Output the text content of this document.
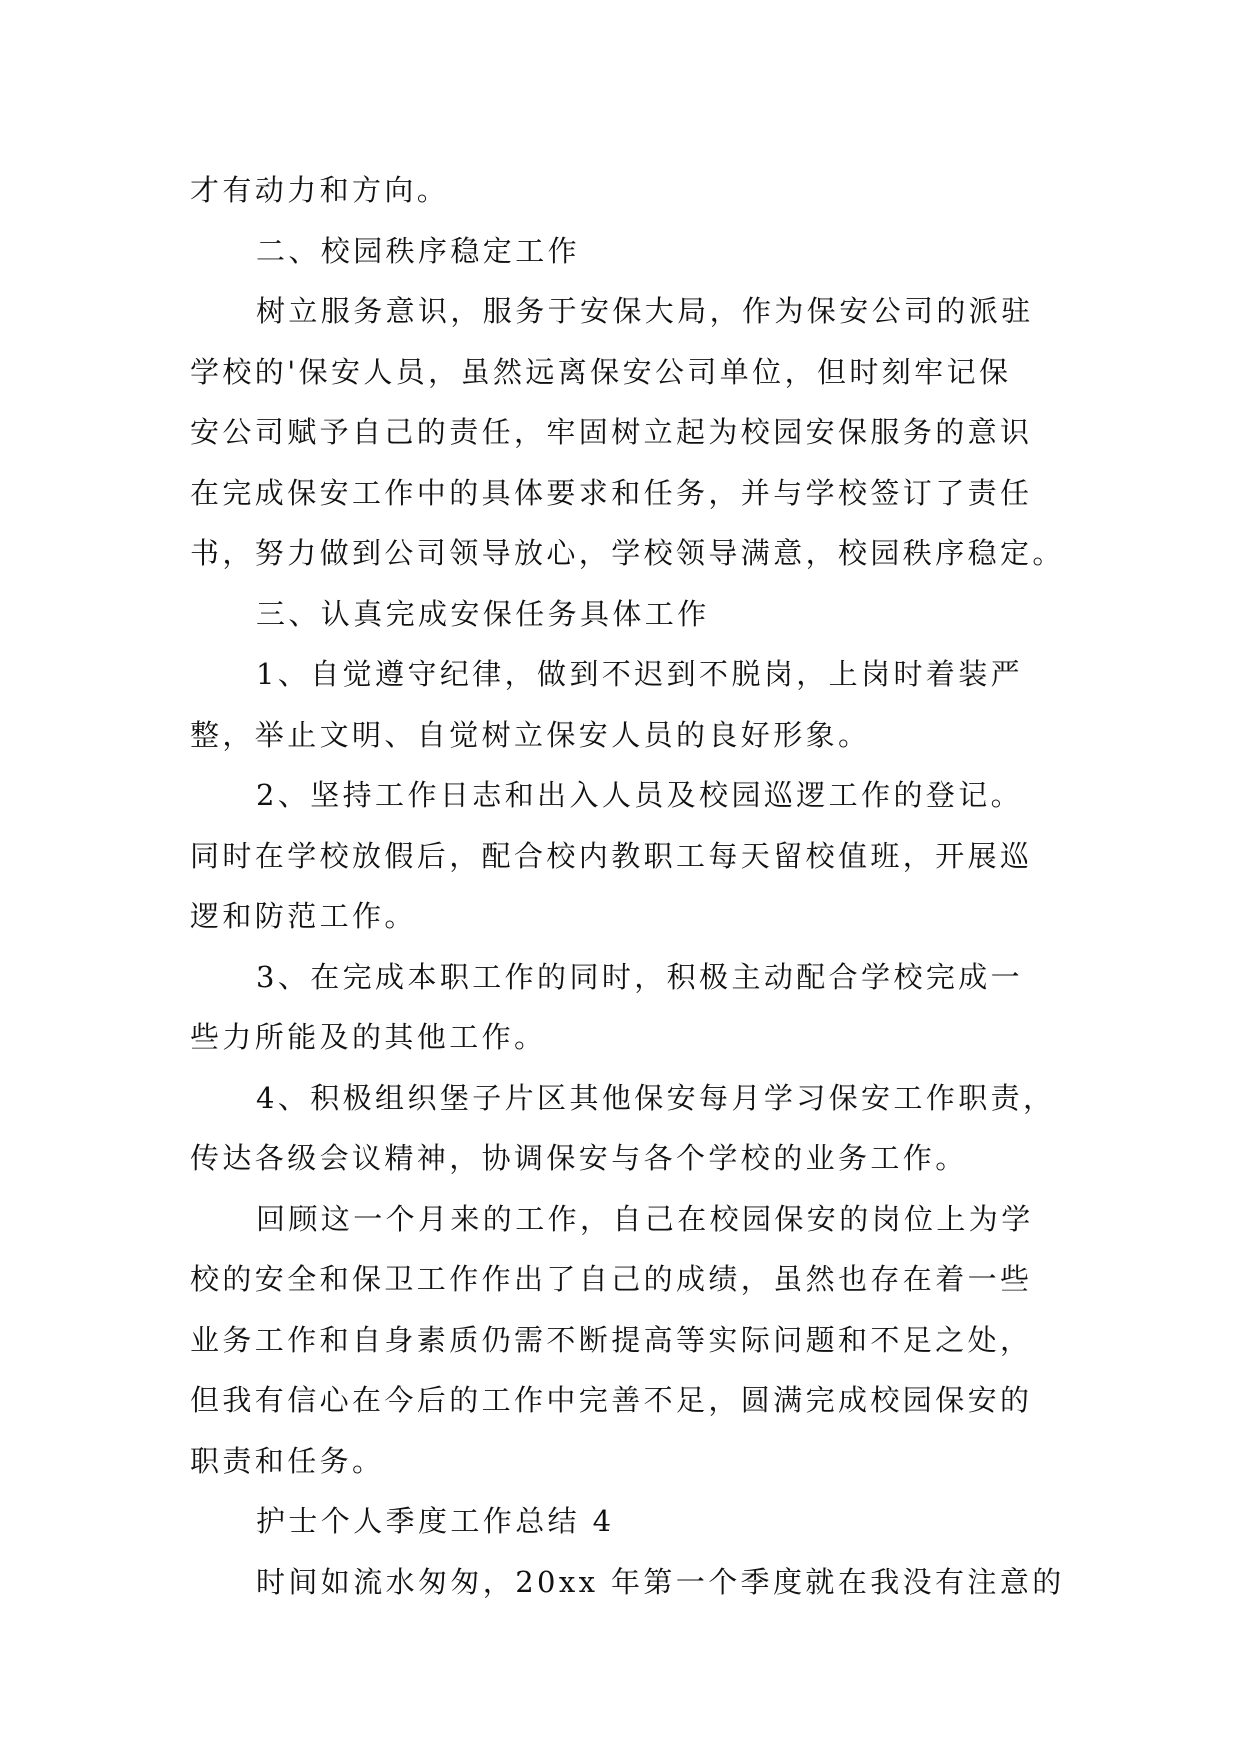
才有动力和方向。
二、校园秩序稳定工作
树立服务意识，服务于安保大局，作为保安公司的派驻
学校的'保安人员，虽然远离保安公司单位，但时刻牢记保
安公司赋予自己的责任，牢固树立起为校园安保服务的意识
在完成保安工作中的具体要求和任务，并与学校签订了责任
书，努力做到公司领导放心，学校领导满意，校园秩序稳定。
三、认真完成安保任务具体工作
1、自觉遵守纪律，做到不迟到不脱岗，上岗时着装严
整，举止文明、自觉树立保安人员的良好形象。
2、坚持工作日志和出入人员及校园巡逻工作的登记。
同时在学校放假后，配合校内教职工每天留校值班，开展巡
逻和防范工作。
3、在完成本职工作的同时，积极主动配合学校完成一
些力所能及的其他工作。
4、积极组织堡子片区其他保安每月学习保安工作职责，
传达各级会议精神，协调保安与各个学校的业务工作。
回顾这一个月来的工作，自己在校园保安的岗位上为学
校的安全和保卫工作作出了自己的成绩，虽然也存在着一些
业务工作和自身素质仍需不断提高等实际问题和不足之处，
但我有信心在今后的工作中完善不足，圆满完成校园保安的
职责和任务。
护士个人季度工作总结 4
时间如流水匆匆，20xx 年第一个季度就在我没有注意的
